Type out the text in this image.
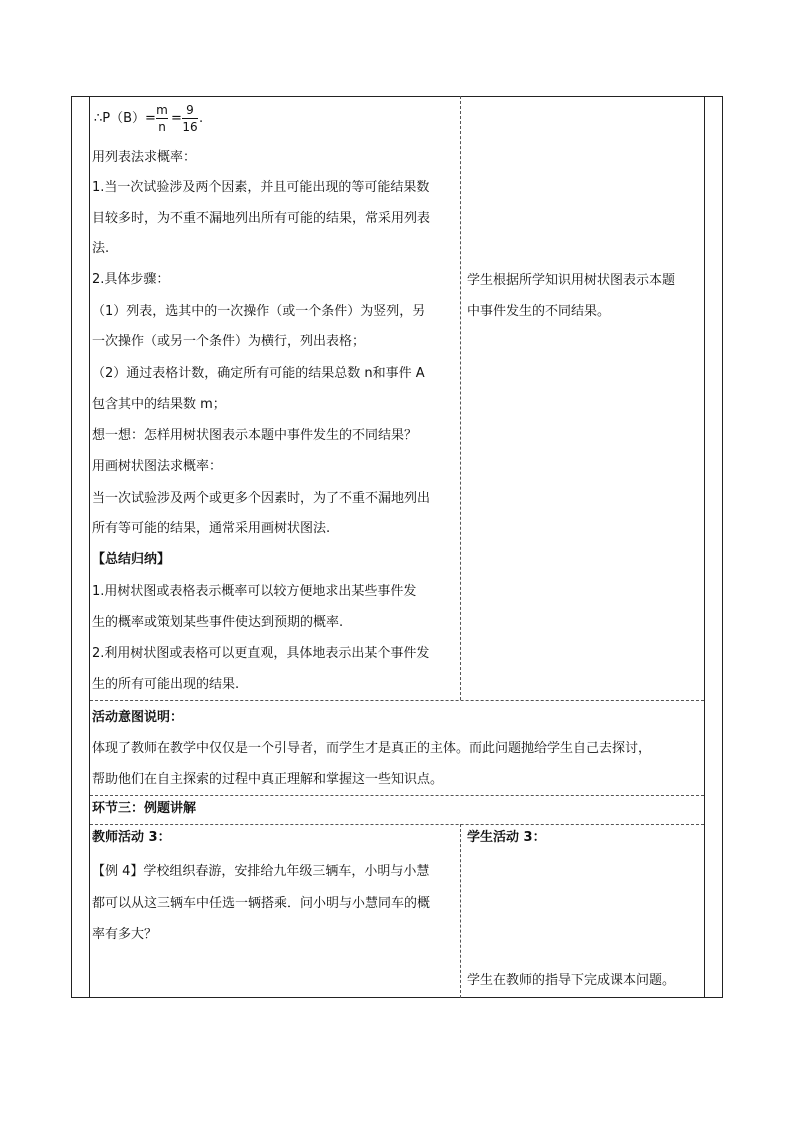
∴P（B）=
m
n
=
9
16
.
用列表法求概率：
1.当一次试验涉及两个因素，并且可能出现的等可能结果数
目较多时，为不重不漏地列出所有可能的结果，常采用列表
法.
2.具体步骤：
（1）列表，选其中的一次操作（或一个条件）为竖列，另
一次操作（或另一个条件）为横行，列出表格；
（2）通过表格计数，确定所有可能的结果总数 n和事件 A
包含其中的结果数 m；
想一想：怎样用树状图表示本题中事件发生的不同结果？
用画树状图法求概率：
当一次试验涉及两个或更多个因素时，为了不重不漏地列出
所有等可能的结果，通常采用画树状图法.
【总结归纳】
1.用树状图或表格表示概率可以较方便地求出某些事件发
生的概率或策划某些事件使达到预期的概率.
2.利用树状图或表格可以更直观，具体地表示出某个事件发
生的所有可能出现的结果.
学生根据所学知识用树状图表示本题
中事件发生的不同结果。
活动意图说明：
体现了教师在教学中仅仅是一个引导者，而学生才是真正的主体。而此问题抛给学生自己去探讨，
帮助他们在自主探索的过程中真正理解和掌握这一些知识点。
环节三：例题讲解
教师活动 3：
【例 4】学校组织春游，安排给九年级三辆车，小明与小慧
都可以从这三辆车中任选一辆搭乘．问小明与小慧同车的概
率有多大？
学生活动 3：
学生在教师的指导下完成课本问题。
